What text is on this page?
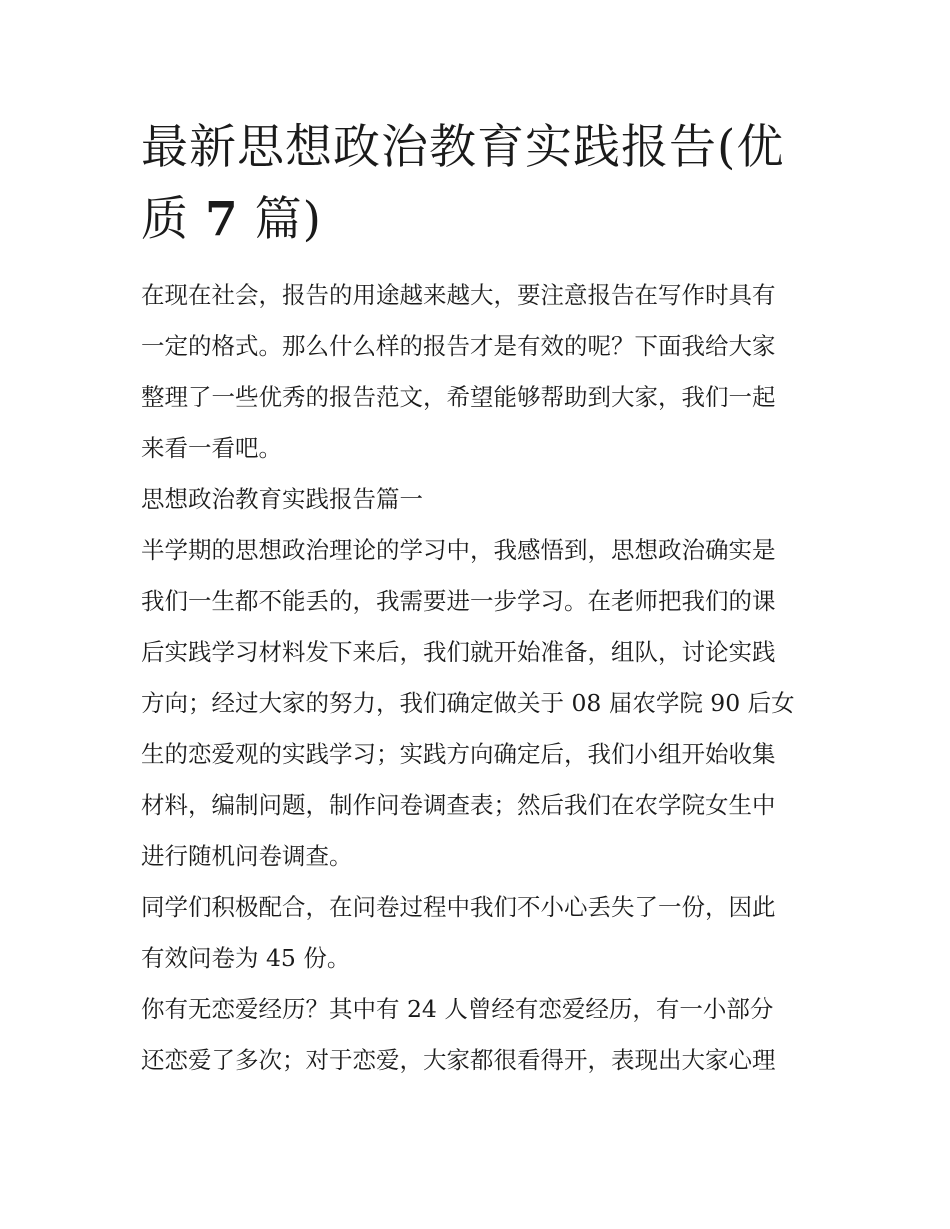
最新思想政治教育实践报告(优
质 7 篇)

在现在社会，报告的用途越来越大，要注意报告在写作时具有
一定的格式。那么什么样的报告才是有效的呢？下面我给大家
整理了一些优秀的报告范文，希望能够帮助到大家，我们一起
来看一看吧。

思想政治教育实践报告篇一

半学期的思想政治理论的学习中，我感悟到，思想政治确实是
我们一生都不能丢的，我需要进一步学习。在老师把我们的课
后实践学习材料发下来后，我们就开始准备，组队，讨论实践
方向；经过大家的努力，我们确定做关于 08 届农学院 90 后女
生的恋爱观的实践学习；实践方向确定后，我们小组开始收集
材料，编制问题，制作问卷调查表；然后我们在农学院女生中
进行随机问卷调查。

同学们积极配合，在问卷过程中我们不小心丢失了一份，因此
有效问卷为 45 份。

你有无恋爱经历？其中有 24 人曾经有恋爱经历，有一小部分
还恋爱了多次；对于恋爱，大家都很看得开，表现出大家心理
